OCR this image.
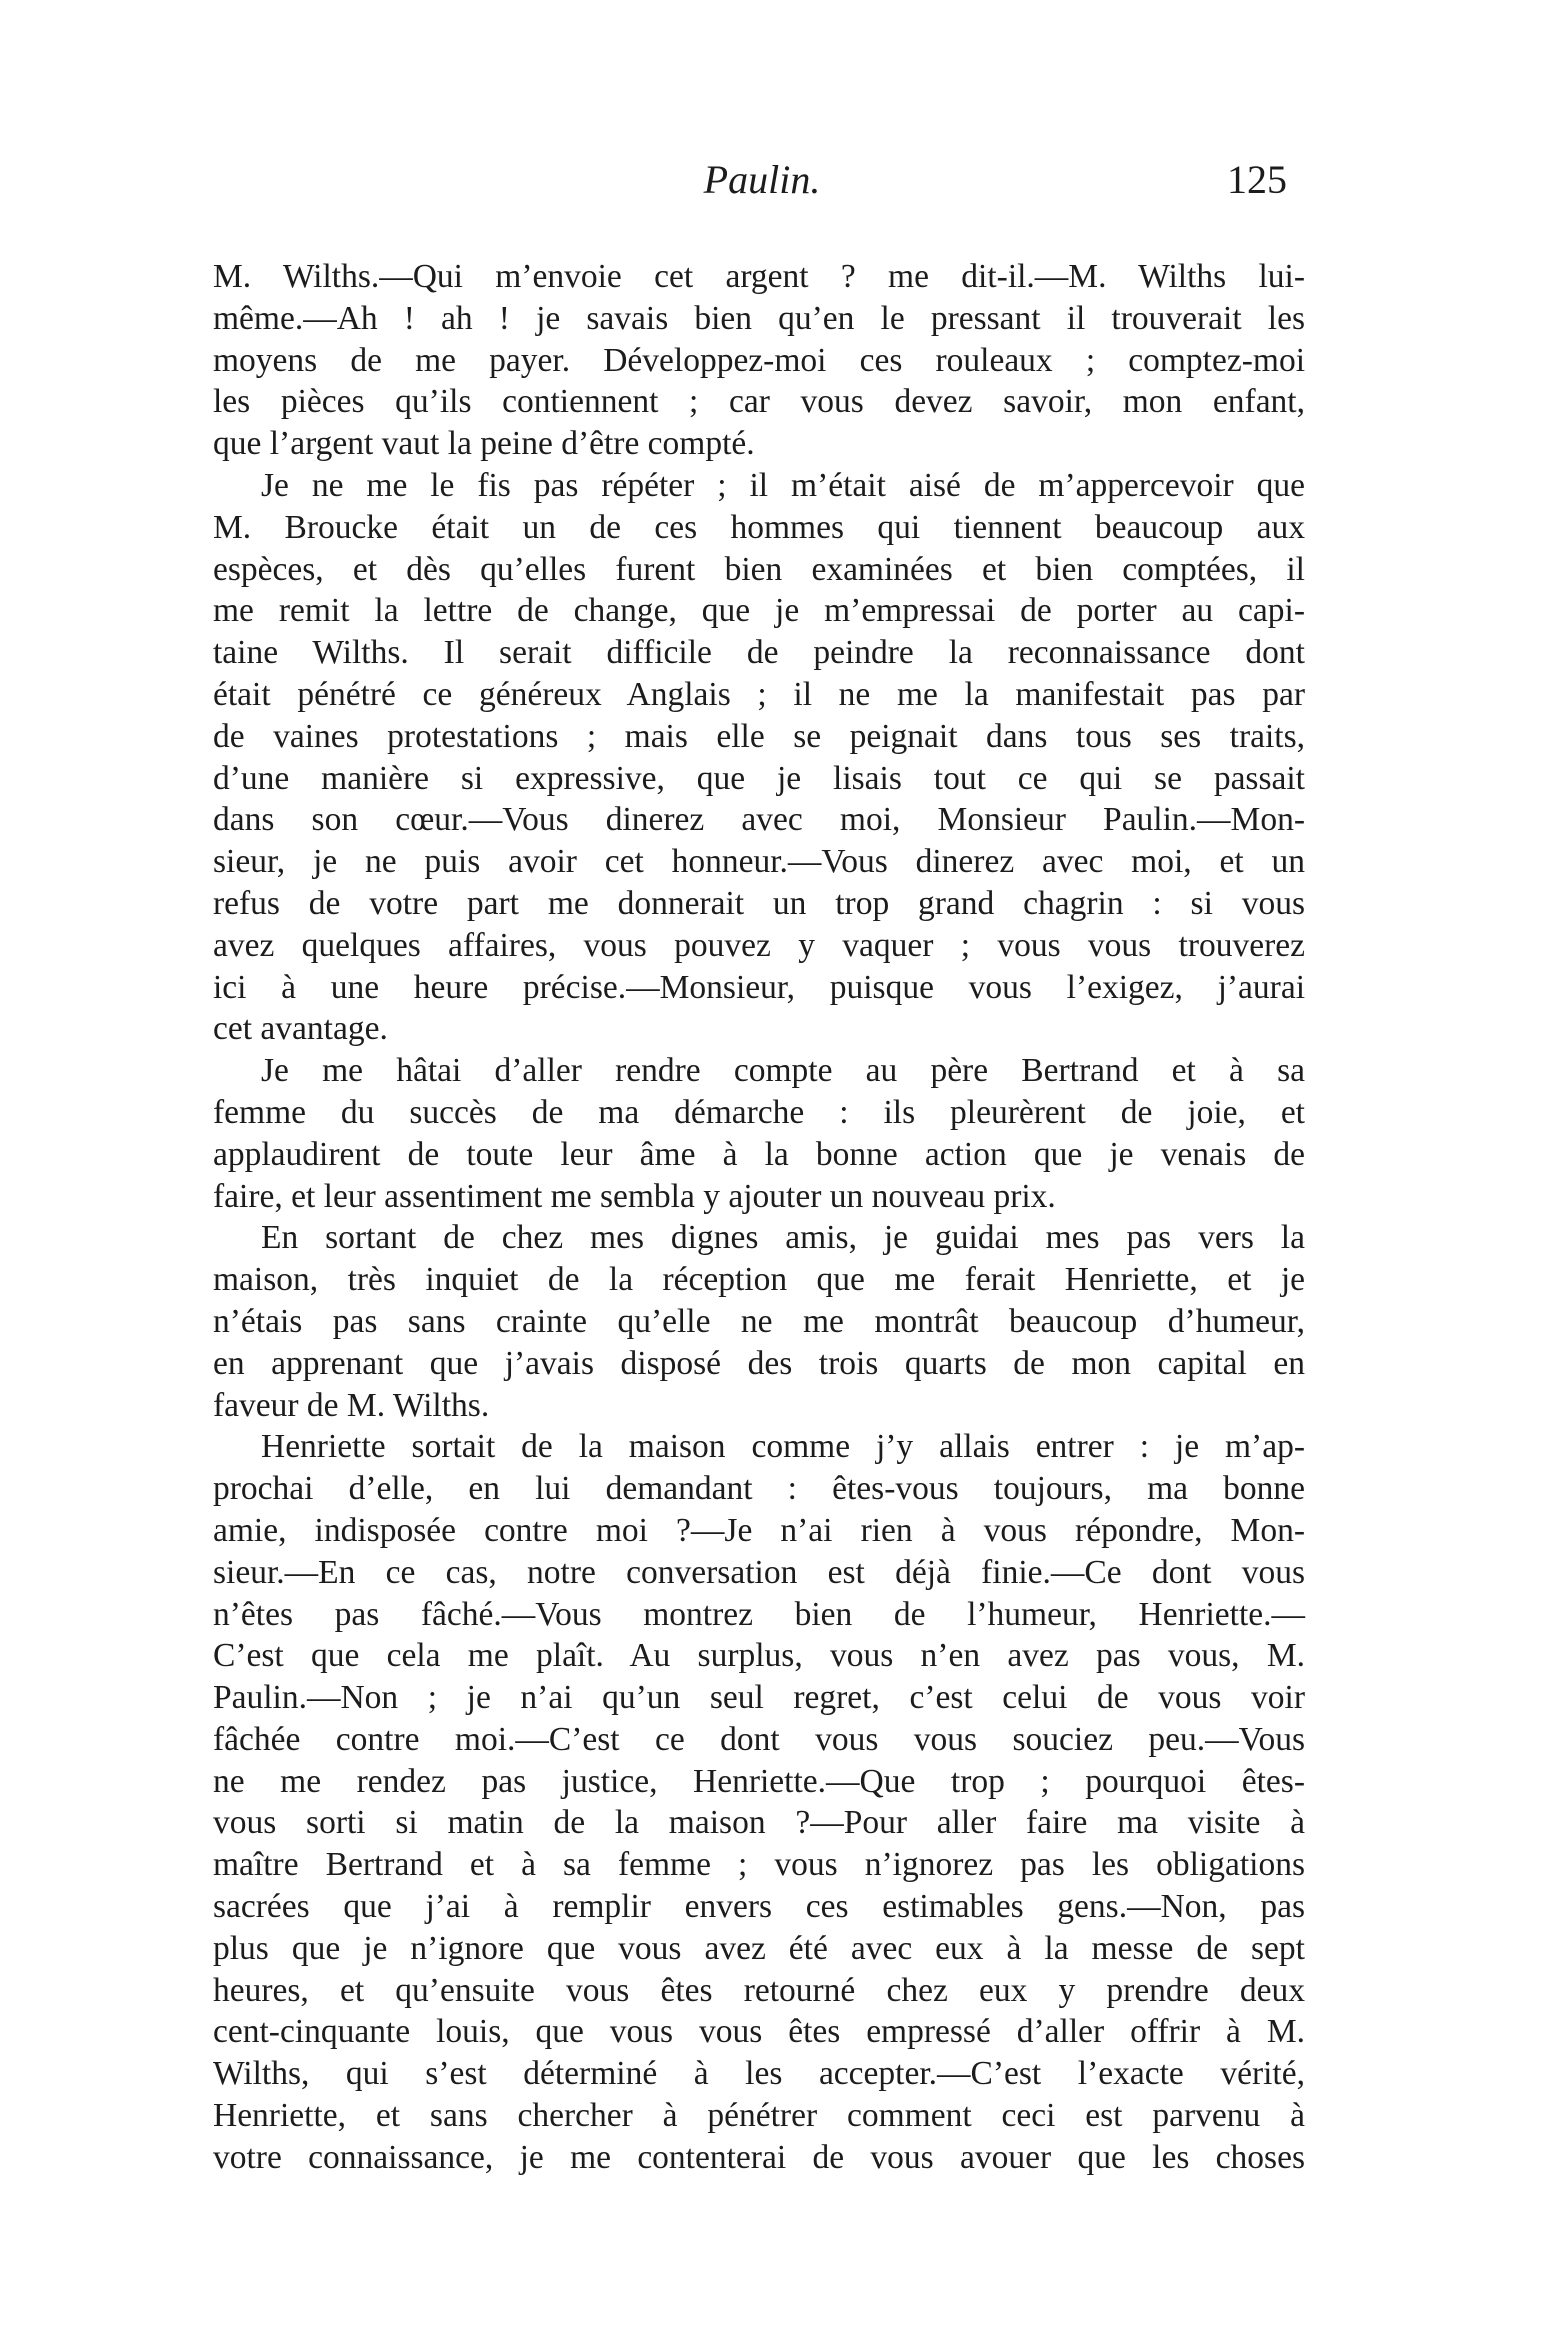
Paulin.	125
M. Wilths.—Qui m’envoie cet argent ? me dit-il.—M. Wilths lui-
même.—Ah ! ah ! je savais bien qu’en le pressant il trouverait les
moyens de me payer. Développez-moi ces rouleaux ; comptez-moi
les pièces qu’ils contiennent ; car vous devez savoir, mon enfant,
que l’argent vaut la peine d’être compté.
Je ne me le fis pas répéter ; il m’était aisé de m’appercevoir que
M. Broucke était un de ces hommes qui tiennent beaucoup aux
espèces, et dès qu’elles furent bien examinées et bien comptées, il
me remit la lettre de change, que je m’empressai de porter au capi-
taine Wilths. Il serait difficile de peindre la reconnaissance dont
était pénétré ce généreux Anglais ; il ne me la manifestait pas par
de vaines protestations ; mais elle se peignait dans tous ses traits,
d’une manière si expressive, que je lisais tout ce qui se passait
dans son cœur.—Vous dinerez avec moi, Monsieur Paulin.—Mon-
sieur, je ne puis avoir cet honneur.—Vous dinerez avec moi, et un
refus de votre part me donnerait un trop grand chagrin : si vous
avez quelques affaires, vous pouvez y vaquer ; vous vous trouverez
ici à une heure précise.—Monsieur, puisque vous l’exigez, j’aurai
cet avantage.
Je me hâtai d’aller rendre compte au père Bertrand et à sa
femme du succès de ma démarche : ils pleurèrent de joie, et
applaudirent de toute leur âme à la bonne action que je venais de
faire, et leur assentiment me sembla y ajouter un nouveau prix.
En sortant de chez mes dignes amis, je guidai mes pas vers la
maison, très inquiet de la réception que me ferait Henriette, et je
n’étais pas sans crainte qu’elle ne me montrât beaucoup d’humeur,
en apprenant que j’avais disposé des trois quarts de mon capital en
faveur de M. Wilths.
Henriette sortait de la maison comme j’y allais entrer : je m’ap-
prochai d’elle, en lui demandant : êtes-vous toujours, ma bonne
amie, indisposée contre moi ?—Je n’ai rien à vous répondre, Mon-
sieur.—En ce cas, notre conversation est déjà finie.—Ce dont vous
n’êtes pas fâché.—Vous montrez bien de l’humeur, Henriette.—
C’est que cela me plaît. Au surplus, vous n’en avez pas vous, M.
Paulin.—Non ; je n’ai qu’un seul regret, c’est celui de vous voir
fâchée contre moi.—C’est ce dont vous vous souciez peu.—Vous
ne me rendez pas justice, Henriette.—Que trop ; pourquoi êtes-
vous sorti si matin de la maison ?—Pour aller faire ma visite à
maître Bertrand et à sa femme ; vous n’ignorez pas les obligations
sacrées que j’ai à remplir envers ces estimables gens.—Non, pas
plus que je n’ignore que vous avez été avec eux à la messe de sept
heures, et qu’ensuite vous êtes retourné chez eux y prendre deux
cent-cinquante louis, que vous vous êtes empressé d’aller offrir à M.
Wilths, qui s’est déterminé à les accepter.—C’est l’exacte vérité,
Henriette, et sans chercher à pénétrer comment ceci est parvenu à
votre connaissance, je me contenterai de vous avouer que les choses
